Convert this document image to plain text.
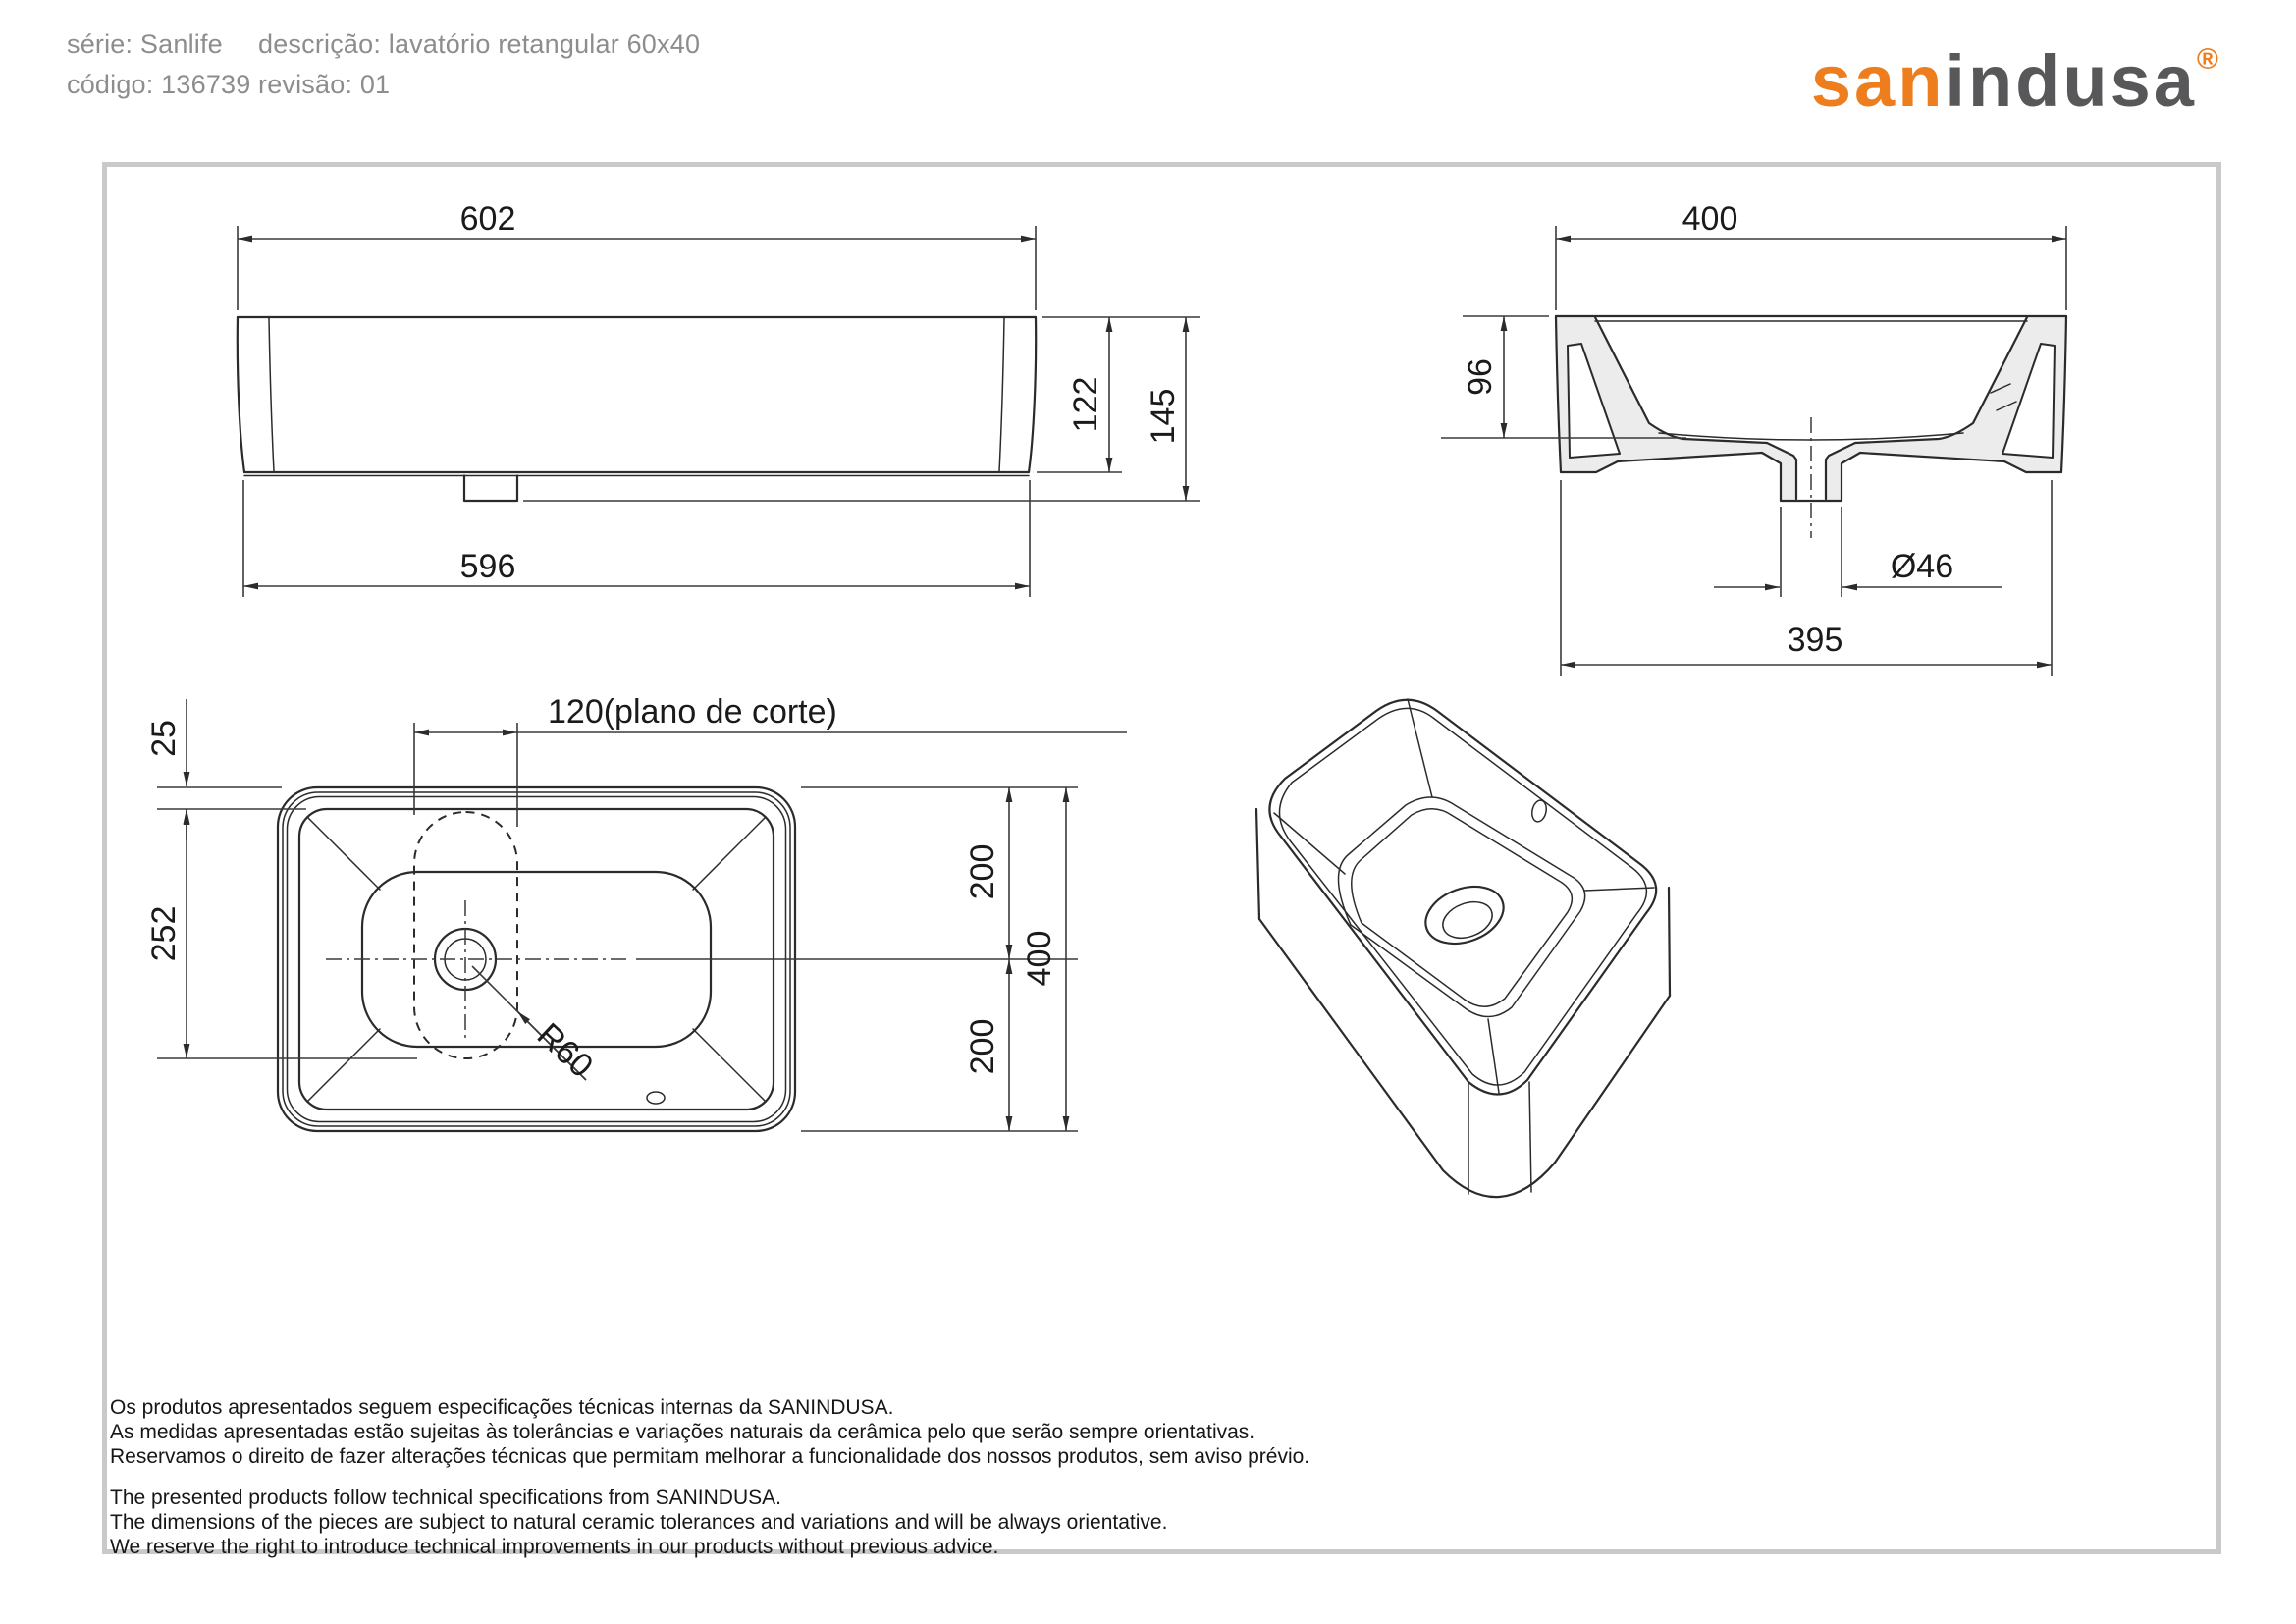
série: Sanlife descrição: lavatório retangular 60x40
código: 136739 revisão: 01	sanindusa®
602
596
122 145
400
96
Ø46
395
120(plano de corte)
25
252
R60
200
200
400
Os produtos apresentados seguem especificações técnicas internas da SANINDUSA.
As medidas apresentadas estão sujeitas às tolerâncias e variações naturais da cerâmica pelo que serão sempre orientativas.
Reservamos o direito de fazer alterações técnicas que permitam melhorar a funcionalidade dos nossos produtos, sem aviso prévio.
The presented products follow technical specifications from SANINDUSA.
The dimensions of the pieces are subject to natural ceramic tolerances and variations and will be always orientative.
We reserve the right to introduce technical improvements in our products without previous advice.
